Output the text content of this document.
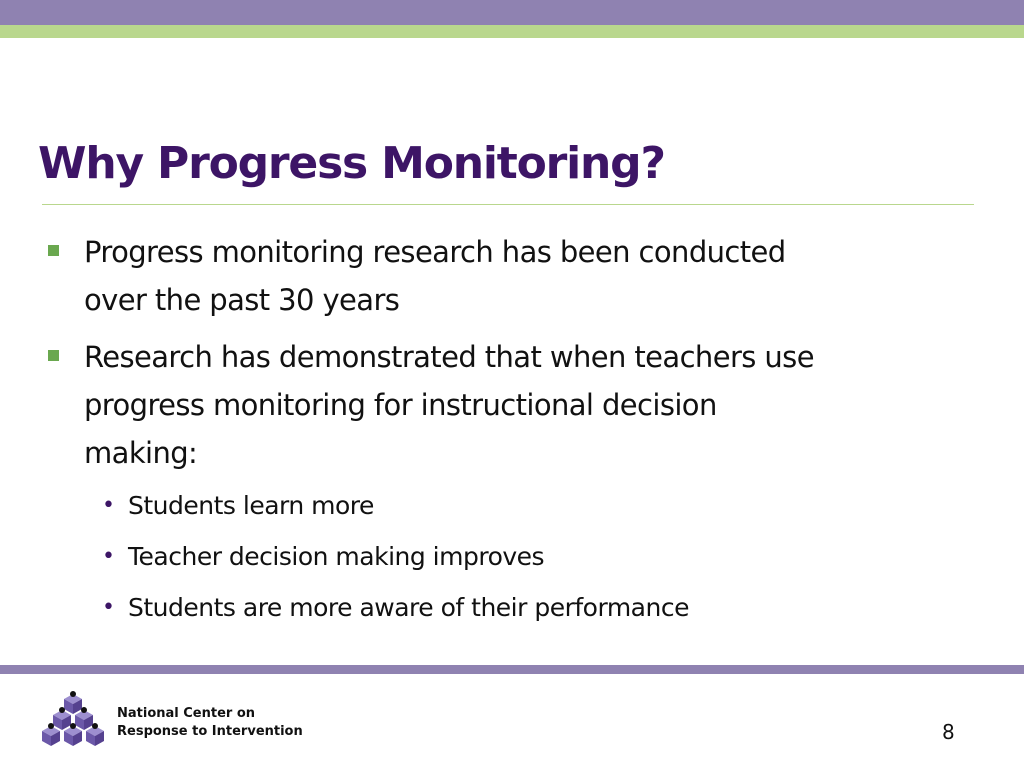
Why Progress Monitoring?
Progress monitoring research has been conducted
over the past 30 years
Research has demonstrated that when teachers use
progress monitoring for instructional decision
making:
• Students learn more
• Teacher decision making improves
• Students are more aware of their performance
National Center on
Response to Intervention	8
